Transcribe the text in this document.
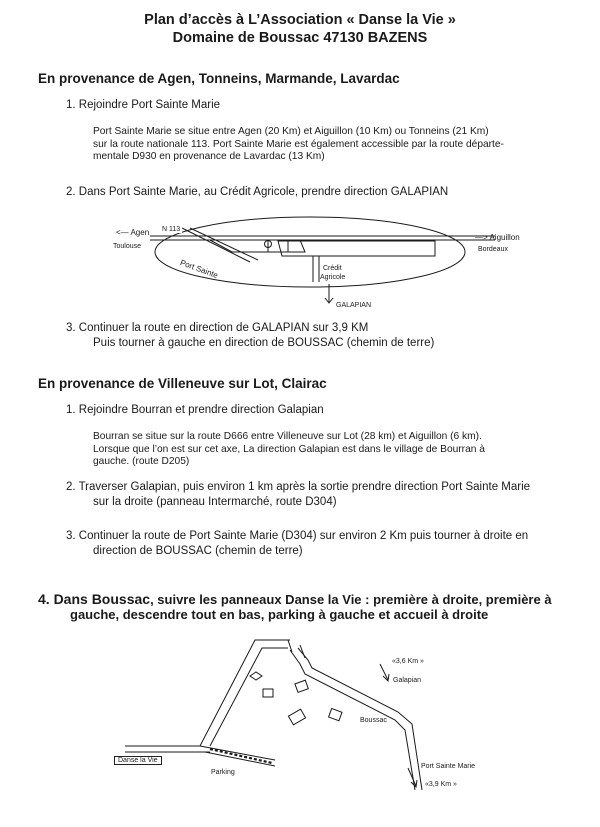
Plan d’accès à L’Association « Danse la Vie »
Domaine de Boussac 47130 BAZENS
En provenance de Agen, Tonneins, Marmande, Lavardac
1. Rejoindre Port Sainte Marie
Port Sainte Marie se situe entre Agen (20 Km) et Aiguillon (10 Km) ou Tonneins (21 Km)
sur la route nationale 113. Port Sainte Marie est également accessible par la route départe-
mentale D930 en provenance de Lavardac (13 Km)
2. Dans Port Sainte Marie, au Crédit Agricole, prendre direction GALAPIAN
<— Agen
Toulouse
N 113
—> Aiguillon
Bordeaux
Port Sainte	Crédit
Agricole
GALAPIAN
3. Continuer la route en direction de GALAPIAN sur 3,9 KM
Puis tourner à gauche en direction de BOUSSAC (chemin de terre)
En provenance de Villeneuve sur Lot, Clairac
1. Rejoindre Bourran et prendre direction Galapian
Bourran se situe sur la route D666 entre Villeneuve sur Lot (28 km) et Aiguillon (6 km).
Lorsque que l’on est sur cet axe, La direction Galapian est dans le village de Bourran à
gauche. (route D205)
2. Traverser Galapian, puis environ 1 km après la sortie prendre direction Port Sainte Marie
sur la droite (panneau Intermarché, route D304)
3. Continuer la route de Port Sainte Marie (D304) sur environ 2 Km puis tourner à droite en
direction de BOUSSAC (chemin de terre)
4. Dans Boussac, suivre les panneaux Danse la Vie : première à droite, première à
gauche, descendre tout en bas, parking à gauche et accueil à droite
«3,6 Km »
Galapian
Boussac
Port Sainte Marie
«3,9 Km »
Danse la Vie
Parking
